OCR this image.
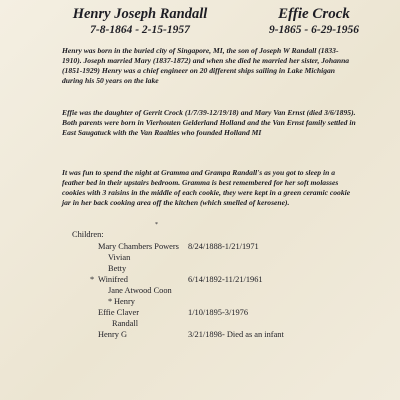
Henry Joseph Randall
7-8-1864 - 2-15-1957
Effie Crock
9-1865 - 6-29-1956

Henry was born in the buried city of Singapore, MI, the son of Joseph W Randall (1833-1910). Joseph married Mary (1837-1872) and when she died he married her sister, Johanna (1851-1929) Henry was a chief engineer on 20 different ships sailing in Lake Michigan during his 50 years on the lake

Effie was the daughter of Gerrit Crock (1/7/39-12/19/18) and Mary Van Ernst (died 3/6/1895). Both parents were born in Vierhouten Gelderland Holland and the Van Ernst family settled in East Saugatuck with the Van Raalties who founded Holland MI

It was fun to spend the night at Gramma and Grampa Randall's as you got to sleep in a feather bed in their upstairs bedroom. Gramma is best remembered for her soft molasses cookies with 3 raisins in the middle of each cookie, they were kept in a green ceramic cookie jar in her back cooking area off the kitchen (which smelled of kerosene).

*
Children:
Mary Chambers Powers 8/24/1888-1/21/1971
Vivian
Betty
* Winifred	6/14/1892-11/21/1961
Jane Atwood Coon
* Henry
Effie Claver	1/10/1895-3/1976
Randall
Henry G	3/21/1898- Died as an infant
